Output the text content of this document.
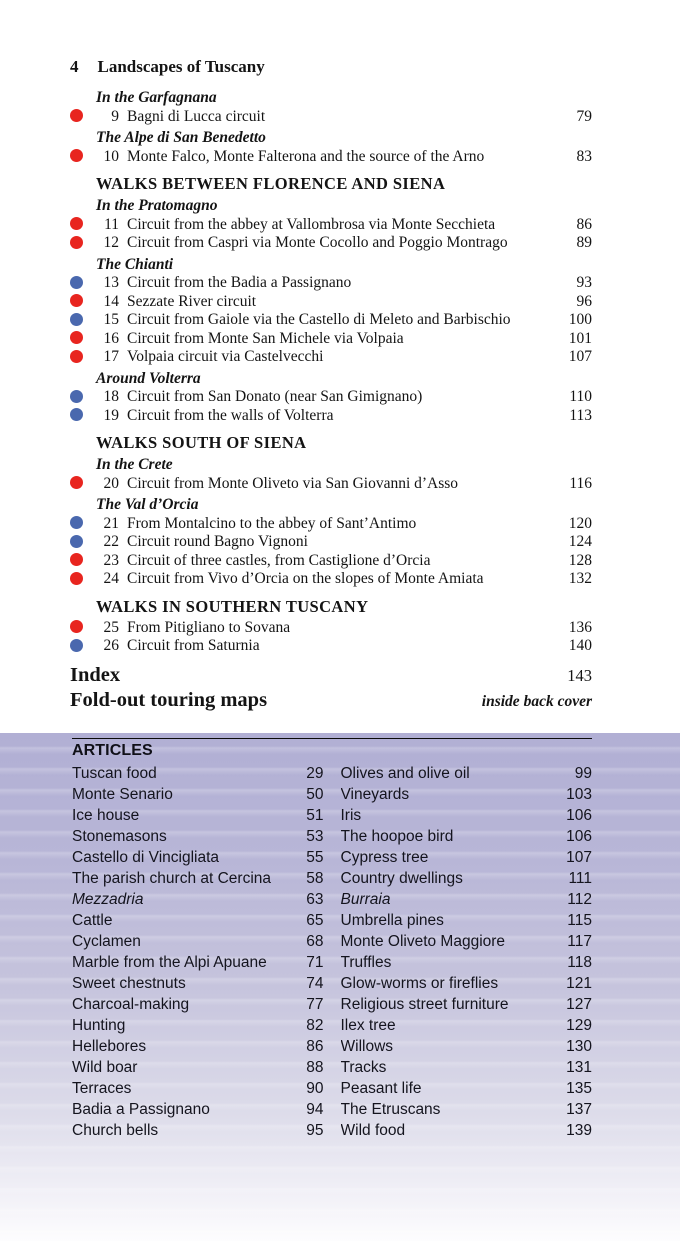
4 Landscapes of Tuscany
In the Garfagnana
9 Bagni di Lucca circuit	79
The Alpe di San Benedetto
10 Monte Falco, Monte Falterona and the source of the Arno	83
WALKS BETWEEN FLORENCE AND SIENA
In the Pratomagno
11 Circuit from the abbey at Vallombrosa via Monte Secchieta	86
12 Circuit from Caspri via Monte Cocollo and Poggio Montrago	89
The Chianti
13 Circuit from the Badia a Passignano	93
14 Sezzate River circuit	96
15 Circuit from Gaiole via the Castello di Meleto and Barbischio	100
16 Circuit from Monte San Michele via Volpaia	101
17 Volpaia circuit via Castelvecchi	107
Around Volterra
18 Circuit from San Donato (near San Gimignano)	110
19 Circuit from the walls of Volterra	113
WALKS SOUTH OF SIENA
In the Crete
20 Circuit from Monte Oliveto via San Giovanni d’Asso	116
The Val d’Orcia
21 From Montalcino to the abbey of Sant’Antimo	120
22 Circuit round Bagno Vignoni	124
23 Circuit of three castles, from Castiglione d’Orcia	128
24 Circuit from Vivo d’Orcia on the slopes of Monte Amiata	132
WALKS IN SOUTHERN TUSCANY
25 From Pitigliano to Sovana	136
26 Circuit from Saturnia	140
Index	143
Fold-out touring maps	inside back cover
ARTICLES
Tuscan food	29
Monte Senario	50
Ice house	51
Stonemasons	53
Castello di Vincigliata	55
The parish church at Cercina	58
Mezzadria	63
Cattle	65
Cyclamen	68
Marble from the Alpi Apuane	71
Sweet chestnuts	74
Charcoal-making	77
Hunting	82
Hellebores	86
Wild boar	88
Terraces	90
Badia a Passignano	94
Church bells	95
Olives and olive oil	99
Vineyards	103
Iris	106
The hoopoe bird	106
Cypress tree	107
Country dwellings	111
Burraia	112
Umbrella pines	115
Monte Oliveto Maggiore	117
Truffles	118
Glow-worms or fireflies	121
Religious street furniture	127
Ilex tree	129
Willows	130
Tracks	131
Peasant life	135
The Etruscans	137
Wild food	139
